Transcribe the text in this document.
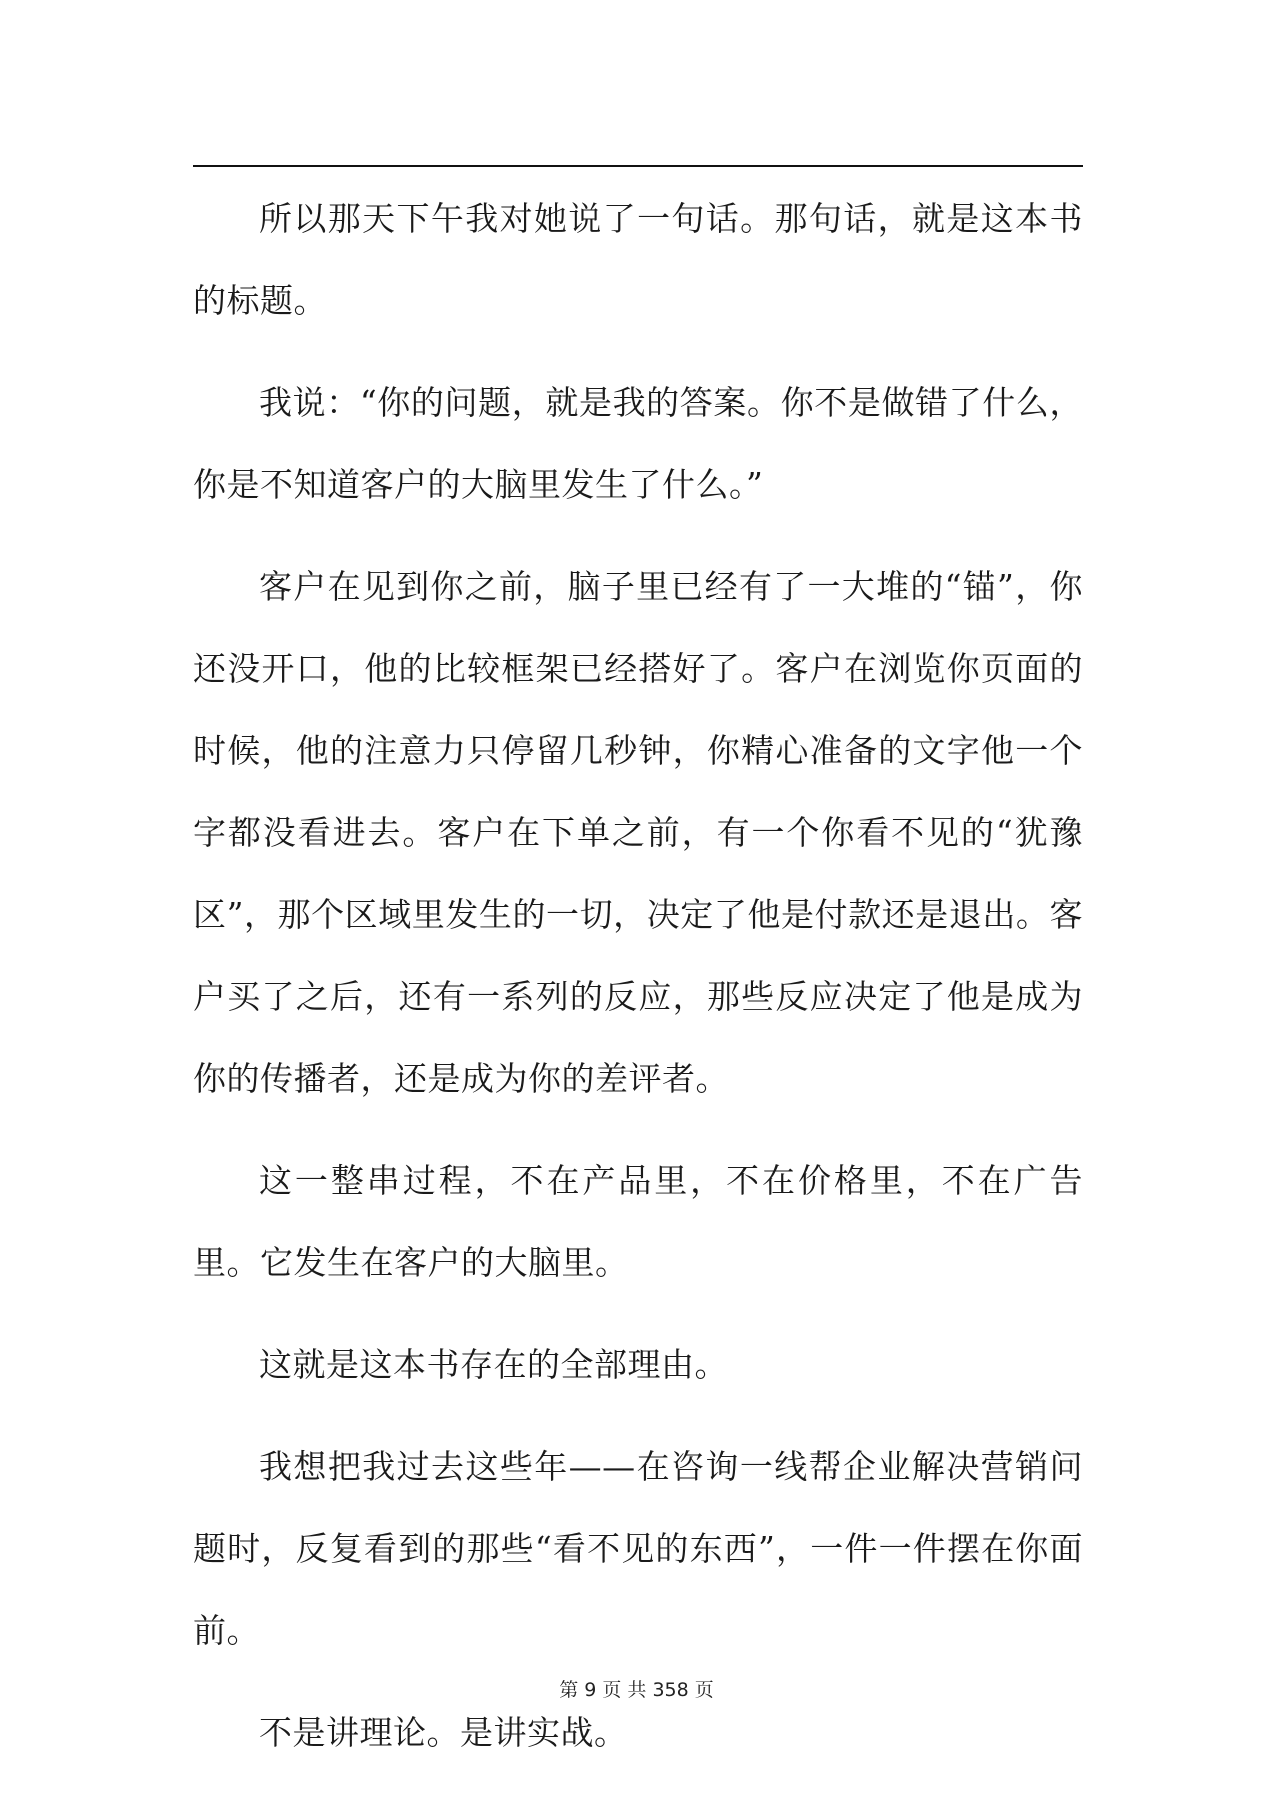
所以那天下午我对她说了一句话。那句话，就是这本书的标题。

我说：“你的问题，就是我的答案。你不是做错了什么，你是不知道客户的大脑里发生了什么。”

客户在见到你之前，脑子里已经有了一大堆的“锚”，你还没开口，他的比较框架已经搭好了。客户在浏览你页面的时候，他的注意力只停留几秒钟，你精心准备的文字他一个字都没看进去。客户在下单之前，有一个你看不见的“犹豫区”，那个区域里发生的一切，决定了他是付款还是退出。客户买了之后，还有一系列的反应，那些反应决定了他是成为你的传播者，还是成为你的差评者。

这一整串过程，不在产品里，不在价格里，不在广告里。它发生在客户的大脑里。

这就是这本书存在的全部理由。

我想把我过去这些年——在咨询一线帮企业解决营销问题时，反复看到的那些“看不见的东西”，一件一件摆在你面前。

不是讲理论。是讲实战。

第 9 页 共 358 页
